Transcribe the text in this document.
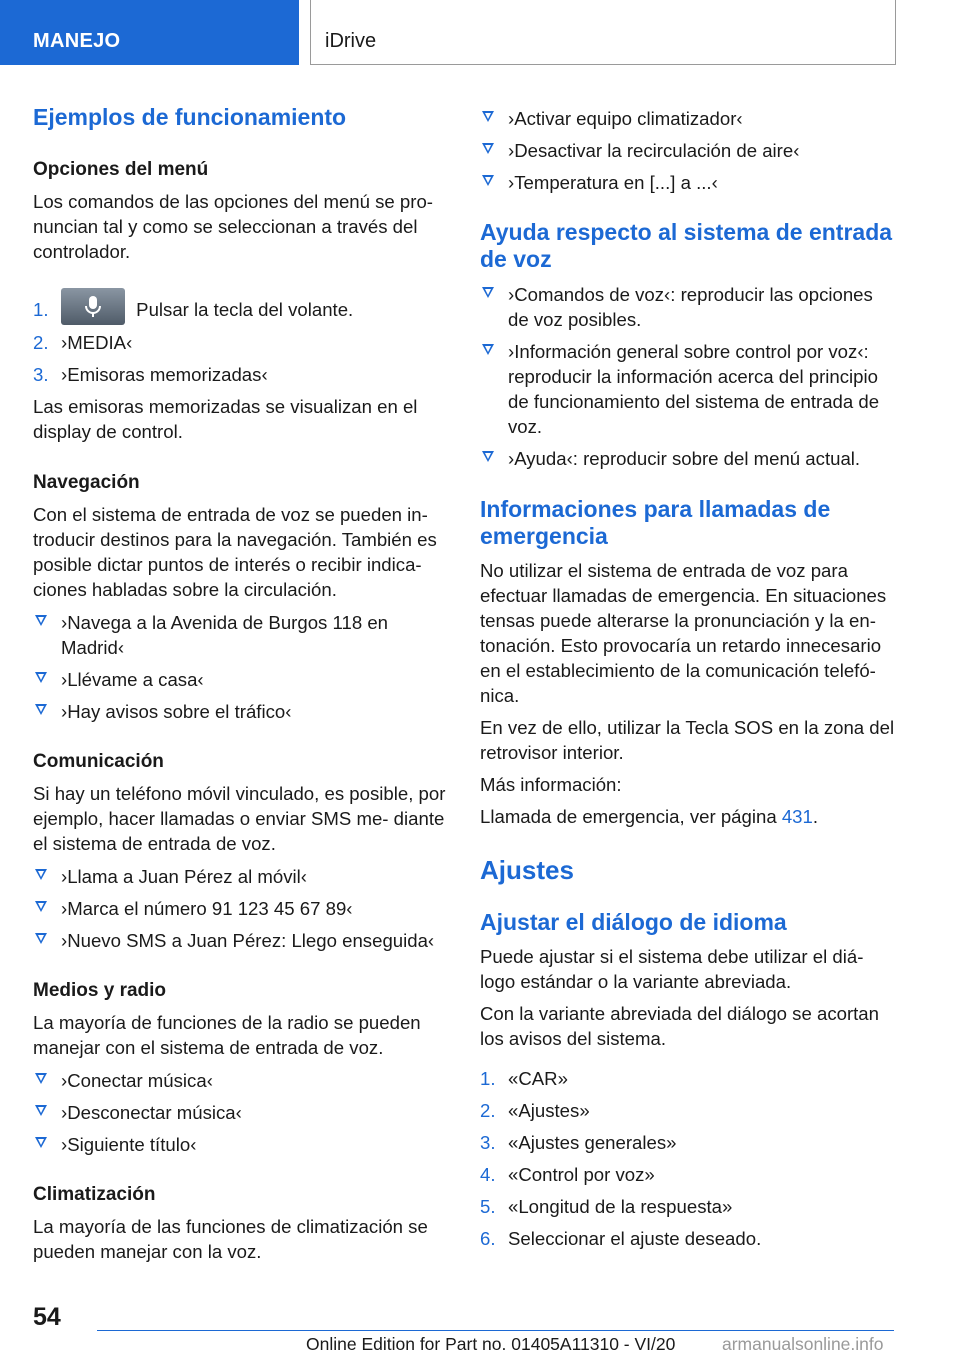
MANEJO	iDrive
Ejemplos de funcionamiento
Opciones del menú
Los comandos de las opciones del menú se pro- nuncian tal y como se seleccionan a través del controlador.
1.	Pulsar la tecla del volante.
2. ›MEDIA‹
3. ›Emisoras memorizadas‹
Las emisoras memorizadas se visualizan en el display de control.
Navegación
Con el sistema de entrada de voz se pueden in- troducir destinos para la navegación. También es posible dictar puntos de interés o recibir indica- ciones habladas sobre la circulación.
›Navega a la Avenida de Burgos 118 en Madrid‹
›Llévame a casa‹
›Hay avisos sobre el tráfico‹
Comunicación
Si hay un teléfono móvil vinculado, es posible, por ejemplo, hacer llamadas o enviar SMS me- diante el sistema de entrada de voz.
›Llama a Juan Pérez al móvil‹
›Marca el número 91 123 45 67 89‹
›Nuevo SMS a Juan Pérez: Llego enseguida‹
Medios y radio
La mayoría de funciones de la radio se pueden manejar con el sistema de entrada de voz.
›Conectar música‹
›Desconectar música‹
›Siguiente título‹
Climatización
La mayoría de las funciones de climatización se pueden manejar con la voz.
›Activar equipo climatizador‹
›Desactivar la recirculación de aire‹
›Temperatura en [...] a ...‹
Ayuda respecto al sistema de entrada de voz
›Comandos de voz‹: reproducir las opciones de voz posibles.
›Información general sobre control por voz‹: reproducir la información acerca del principio de funcionamiento del sistema de entrada de voz.
›Ayuda‹: reproducir sobre del menú actual.
Informaciones para llamadas de emergencia
No utilizar el sistema de entrada de voz para efectuar llamadas de emergencia. En situaciones tensas puede alterarse la pronunciación y la en- tonación. Esto provocaría un retardo innecesario en el establecimiento de la comunicación telefó- nica.
En vez de ello, utilizar la Tecla SOS en la zona del retrovisor interior.
Más información:
Llamada de emergencia, ver página 431.
Ajustes
Ajustar el diálogo de idioma
Puede ajustar si el sistema debe utilizar el diá- logo estándar o la variante abreviada.
Con la variante abreviada del diálogo se acortan los avisos del sistema.
1. «CAR»
2. «Ajustes»
3. «Ajustes generales»
4. «Control por voz»
5. «Longitud de la respuesta»
6. Seleccionar el ajuste deseado.
54
Online Edition for Part no. 01405A11310 - VI/20	armanualsonline.info
